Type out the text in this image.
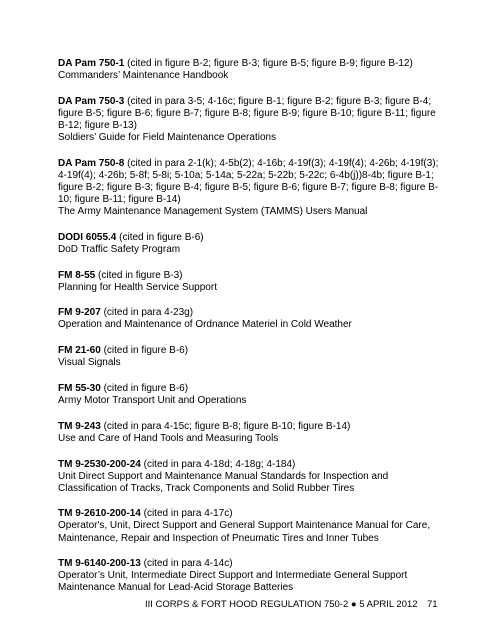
DA Pam 750-1 (cited in figure B-2; figure B-3; figure B-5; figure B-9; figure B-12)
Commanders’ Maintenance Handbook
DA Pam 750-3 (cited in para 3-5; 4-16c; figure B-1; figure B-2; figure B-3; figure B-4; figure B-5; figure B-6; figure B-7; figure B-8; figure B-9; figure B-10; figure B-11; figure B-12; figure B-13)
Soldiers’ Guide for Field Maintenance Operations
DA Pam 750-8 (cited in para 2-1(k); 4-5b(2); 4-16b; 4-19f(3); 4-19f(4); 4-26b; 4-19f(3); 4-19f(4); 4-26b; 5-8f; 5-8i; 5-10a; 5-14a; 5-22a; 5-22b; 5-22c; 6-4b(j))8-4b; figure B-1; figure B-2; figure B-3; figure B-4; figure B-5; figure B-6; figure B-7; figure B-8; figure B-10; figure B-11; figure B-14)
The Army Maintenance Management System (TAMMS) Users Manual
DODI 6055.4 (cited in figure B-6)
DoD Traffic Safety Program
FM 8-55 (cited in figure B-3)
Planning for Health Service Support
FM 9-207 (cited in para 4-23g)
Operation and Maintenance of Ordnance Materiel in Cold Weather
FM 21-60 (cited in figure B-6)
Visual Signals
FM 55-30 (cited in figure B-6)
Army Motor Transport Unit and Operations
TM 9-243 (cited in para 4-15c; figure B-8; figure B-10; figure B-14)
Use and Care of Hand Tools and Measuring Tools
TM 9-2530-200-24 (cited in para 4-18d; 4-18g; 4-184)
Unit Direct Support and Maintenance Manual Standards for Inspection and Classification of Tracks, Track Components and Solid Rubber Tires
TM 9-2610-200-14 (cited in para 4-17c)
Operator's, Unit, Direct Support and General Support Maintenance Manual for Care, Maintenance, Repair and Inspection of Pneumatic Tires and Inner Tubes
TM 9-6140-200-13 (cited in para 4-14c)
Operator’s Unit, Intermediate Direct Support and Intermediate General Support Maintenance Manual for Lead-Acid Storage Batteries
III CORPS & FORT HOOD REGULATION 750-2 ● 5 APRIL 2012 71
